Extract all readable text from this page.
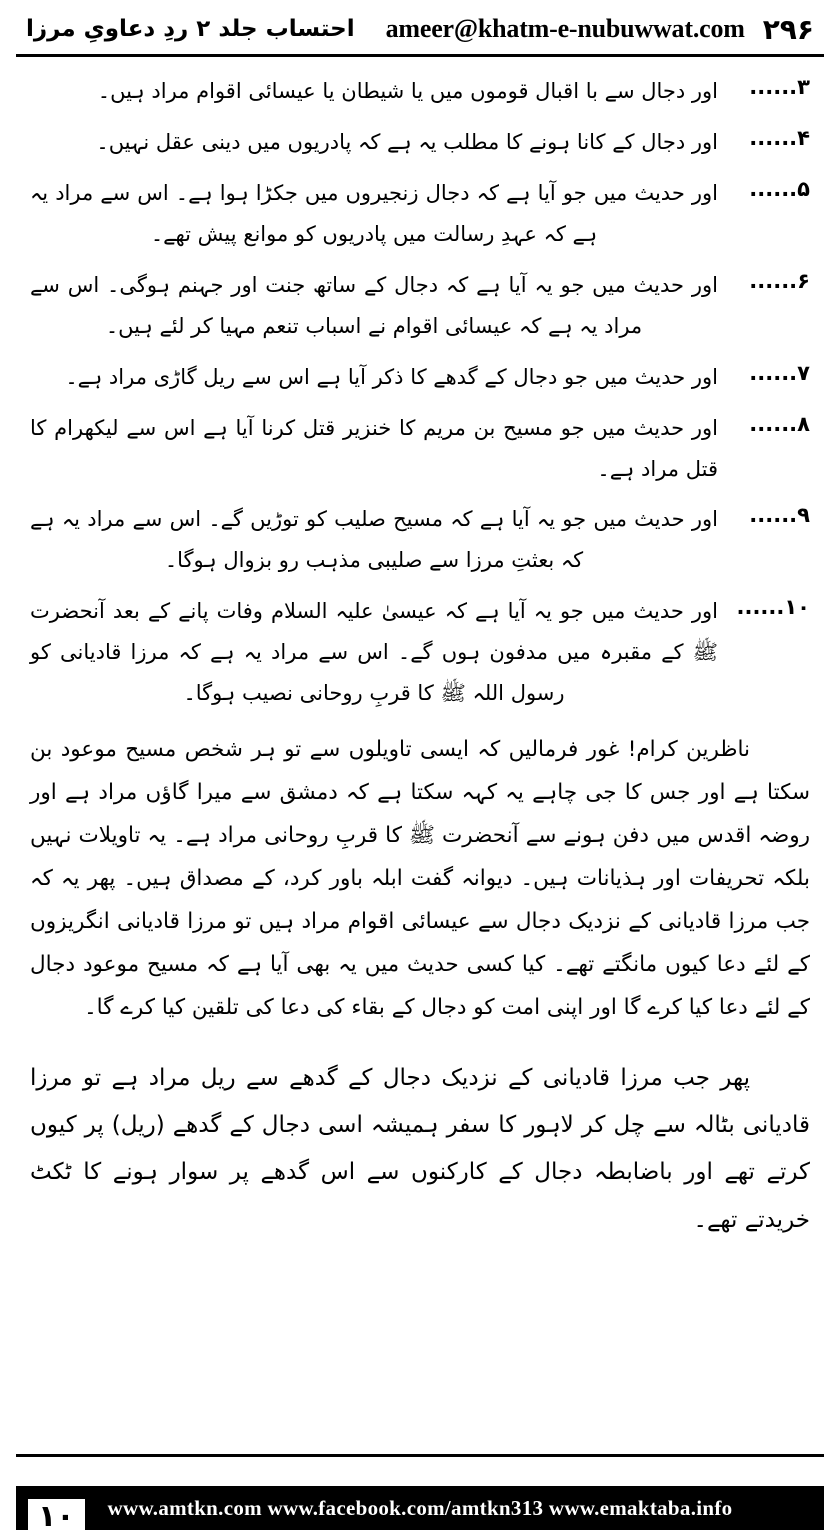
احتساب جلد ۲ ردِ دعاویِ مرزا ameer@khatm-e-nubuwwat.com ۲۹۶
۳......
اور دجال سے با اقبال قوموں میں یا شیطان یا عیسائی اقوام مراد ہیں۔
۴......
اور دجال کے کانا ہونے کا مطلب یہ ہے کہ پادریوں میں دینی عقل نہیں۔
۵......
اور حدیث میں جو آیا ہے کہ دجال زنجیروں میں جکڑا ہوا ہے۔ اس سے مراد یہ ہے کہ عہدِ رسالت میں پادریوں کو موانع پیش تھے۔
۶......
اور حدیث میں جو یہ آیا ہے کہ دجال کے ساتھ جنت اور جہنم ہوگی۔ اس سے مراد یہ ہے کہ عیسائی اقوام نے اسباب تنعم مہیا کر لئے ہیں۔
۷......
اور حدیث میں جو دجال کے گدھے کا ذکر آیا ہے اس سے ریل گاڑی مراد ہے۔
۸......
اور حدیث میں جو مسیح بن مریم کا خنزیر قتل کرنا آیا ہے اس سے لیکھرام کا قتل مراد ہے۔
۹......
اور حدیث میں جو یہ آیا ہے کہ مسیح صلیب کو توڑیں گے۔ اس سے مراد یہ ہے کہ بعثتِ مرزا سے صلیبی مذہب رو بزوال ہوگا۔
۱۰......
اور حدیث میں جو یہ آیا ہے کہ عیسیٰ علیہ السلام وفات پانے کے بعد آنحضرت ﷺ کے مقبرہ میں مدفون ہوں گے۔ اس سے مراد یہ ہے کہ مرزا قادیانی کو رسول اللہ ﷺ کا قربِ روحانی نصیب ہوگا۔
ناظرین کرام! غور فرمالیں کہ ایسی تاویلوں سے تو ہر شخص مسیح موعود بن سکتا ہے اور جس کا جی چاہے یہ کہہ سکتا ہے کہ دمشق سے میرا گاؤں مراد ہے اور روضہ اقدس میں دفن ہونے سے آنحضرت ﷺ کا قربِ روحانی مراد ہے۔ یہ تاویلات نہیں بلکہ تحریفات اور ہذیانات ہیں۔ دیوانہ گفت ابلہ باور کرد، کے مصداق ہیں۔ پھر یہ کہ جب مرزا قادیانی کے نزدیک دجال سے عیسائی اقوام مراد ہیں تو مرزا قادیانی انگریزوں کے لئے دعا کیوں مانگتے تھے۔ کیا کسی حدیث میں یہ بھی آیا ہے کہ مسیح موعود دجال کے لئے دعا کیا کرے گا اور اپنی امت کو دجال کے بقاء کی دعا کی تلقین کیا کرے گا۔
پھر جب مرزا قادیانی کے نزدیک دجال کے گدھے سے ریل مراد ہے تو مرزا قادیانی بٹالہ سے چل کر لاہور کا سفر ہمیشہ اسی دجال کے گدھے (ریل) پر کیوں کرتے تھے اور باضابطہ دجال کے کارکنوں سے اس گدھے پر سوار ہونے کا ٹکٹ خریدتے تھے۔
۱۰	www.amtkn.com www.facebook.com/amtkn313 www.emaktaba.info
